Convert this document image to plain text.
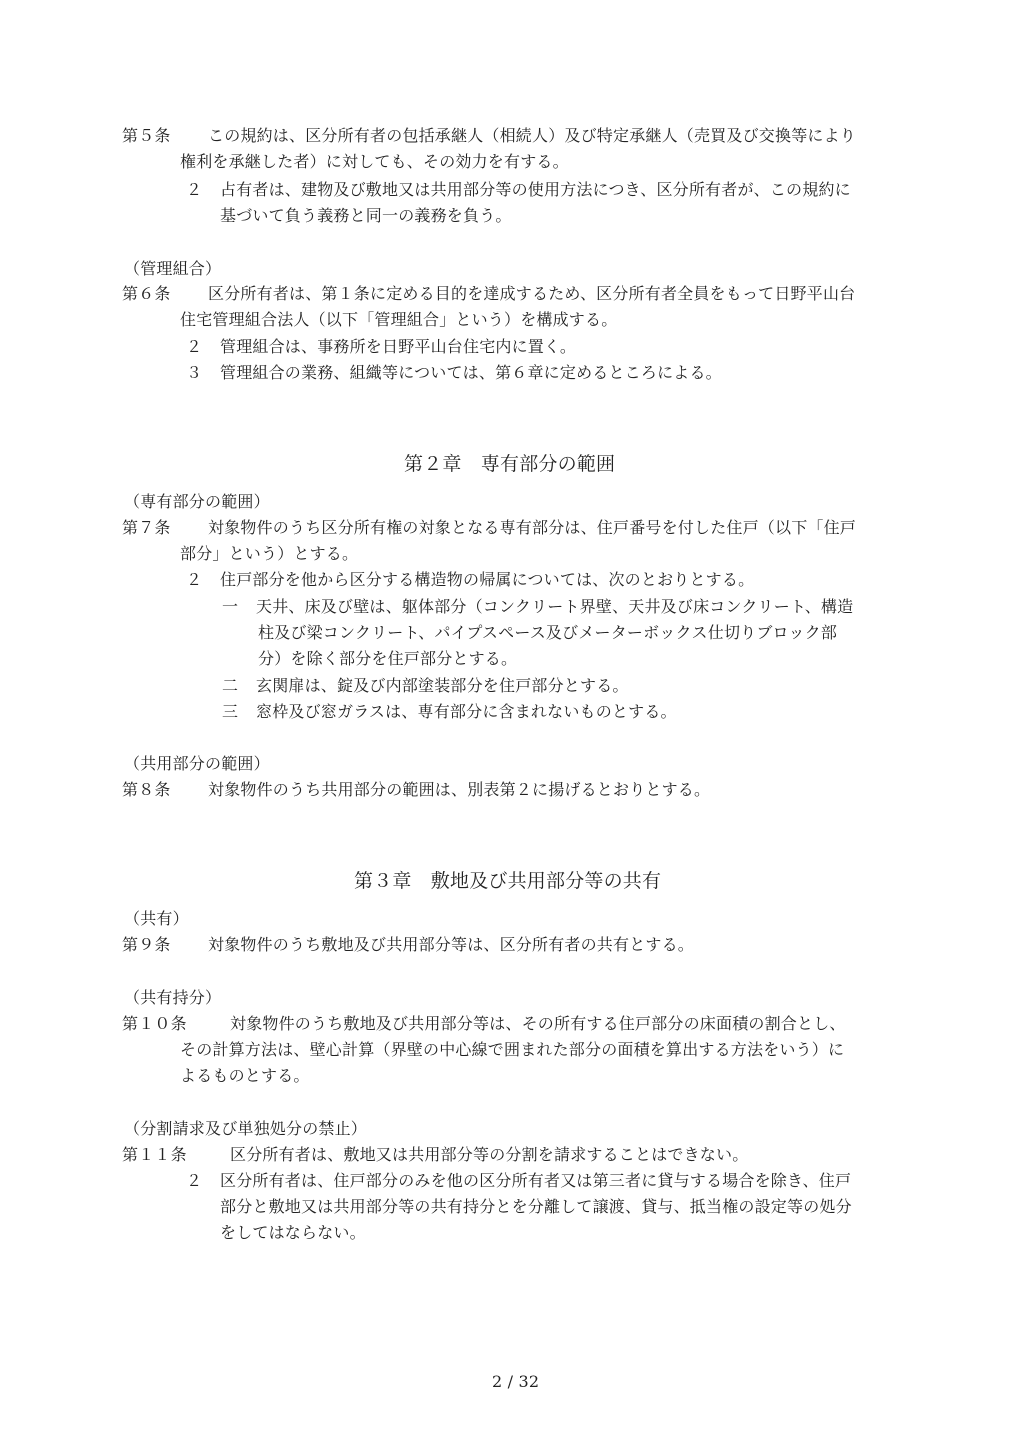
第５条 この規約は、区分所有者の包括承継人（相続人）及び特定承継人（売買及び交換等により
権利を承継した者）に対しても、その効力を有する。
２ 占有者は、建物及び敷地又は共用部分等の使用方法につき、区分所有者が、この規約に
基づいて負う義務と同一の義務を負う。
（管理組合）
第６条 区分所有者は、第１条に定める目的を達成するため、区分所有者全員をもって日野平山台
住宅管理組合法人（以下「管理組合」という）を構成する。
２ 管理組合は、事務所を日野平山台住宅内に置く。
３ 管理組合の業務、組織等については、第６章に定めるところによる。
第２章　専有部分の範囲
（専有部分の範囲）
第７条 対象物件のうち区分所有権の対象となる専有部分は、住戸番号を付した住戸（以下「住戸
部分」という）とする。
２ 住戸部分を他から区分する構造物の帰属については、次のとおりとする。
一 天井、床及び壁は、躯体部分（コンクリート界壁、天井及び床コンクリート、構造
柱及び梁コンクリート、パイプスペース及びメーターボックス仕切りブロック部
分）を除く部分を住戸部分とする。
二 玄関扉は、錠及び内部塗装部分を住戸部分とする。
三 窓枠及び窓ガラスは、専有部分に含まれないものとする。
（共用部分の範囲）
第８条 対象物件のうち共用部分の範囲は、別表第２に揚げるとおりとする。
第３章　敷地及び共用部分等の共有
（共有）
第９条 対象物件のうち敷地及び共用部分等は、区分所有者の共有とする。
（共有持分）
第１０条	対象物件のうち敷地及び共用部分等は、その所有する住戸部分の床面積の割合とし、
その計算方法は、壁心計算（界壁の中心線で囲まれた部分の面積を算出する方法をいう）に
よるものとする。
（分割請求及び単独処分の禁止）
第１１条	区分所有者は、敷地又は共用部分等の分割を請求することはできない。
２ 区分所有者は、住戸部分のみを他の区分所有者又は第三者に貸与する場合を除き、住戸
部分と敷地又は共用部分等の共有持分とを分離して譲渡、貸与、抵当権の設定等の処分
をしてはならない。
2 / 32
